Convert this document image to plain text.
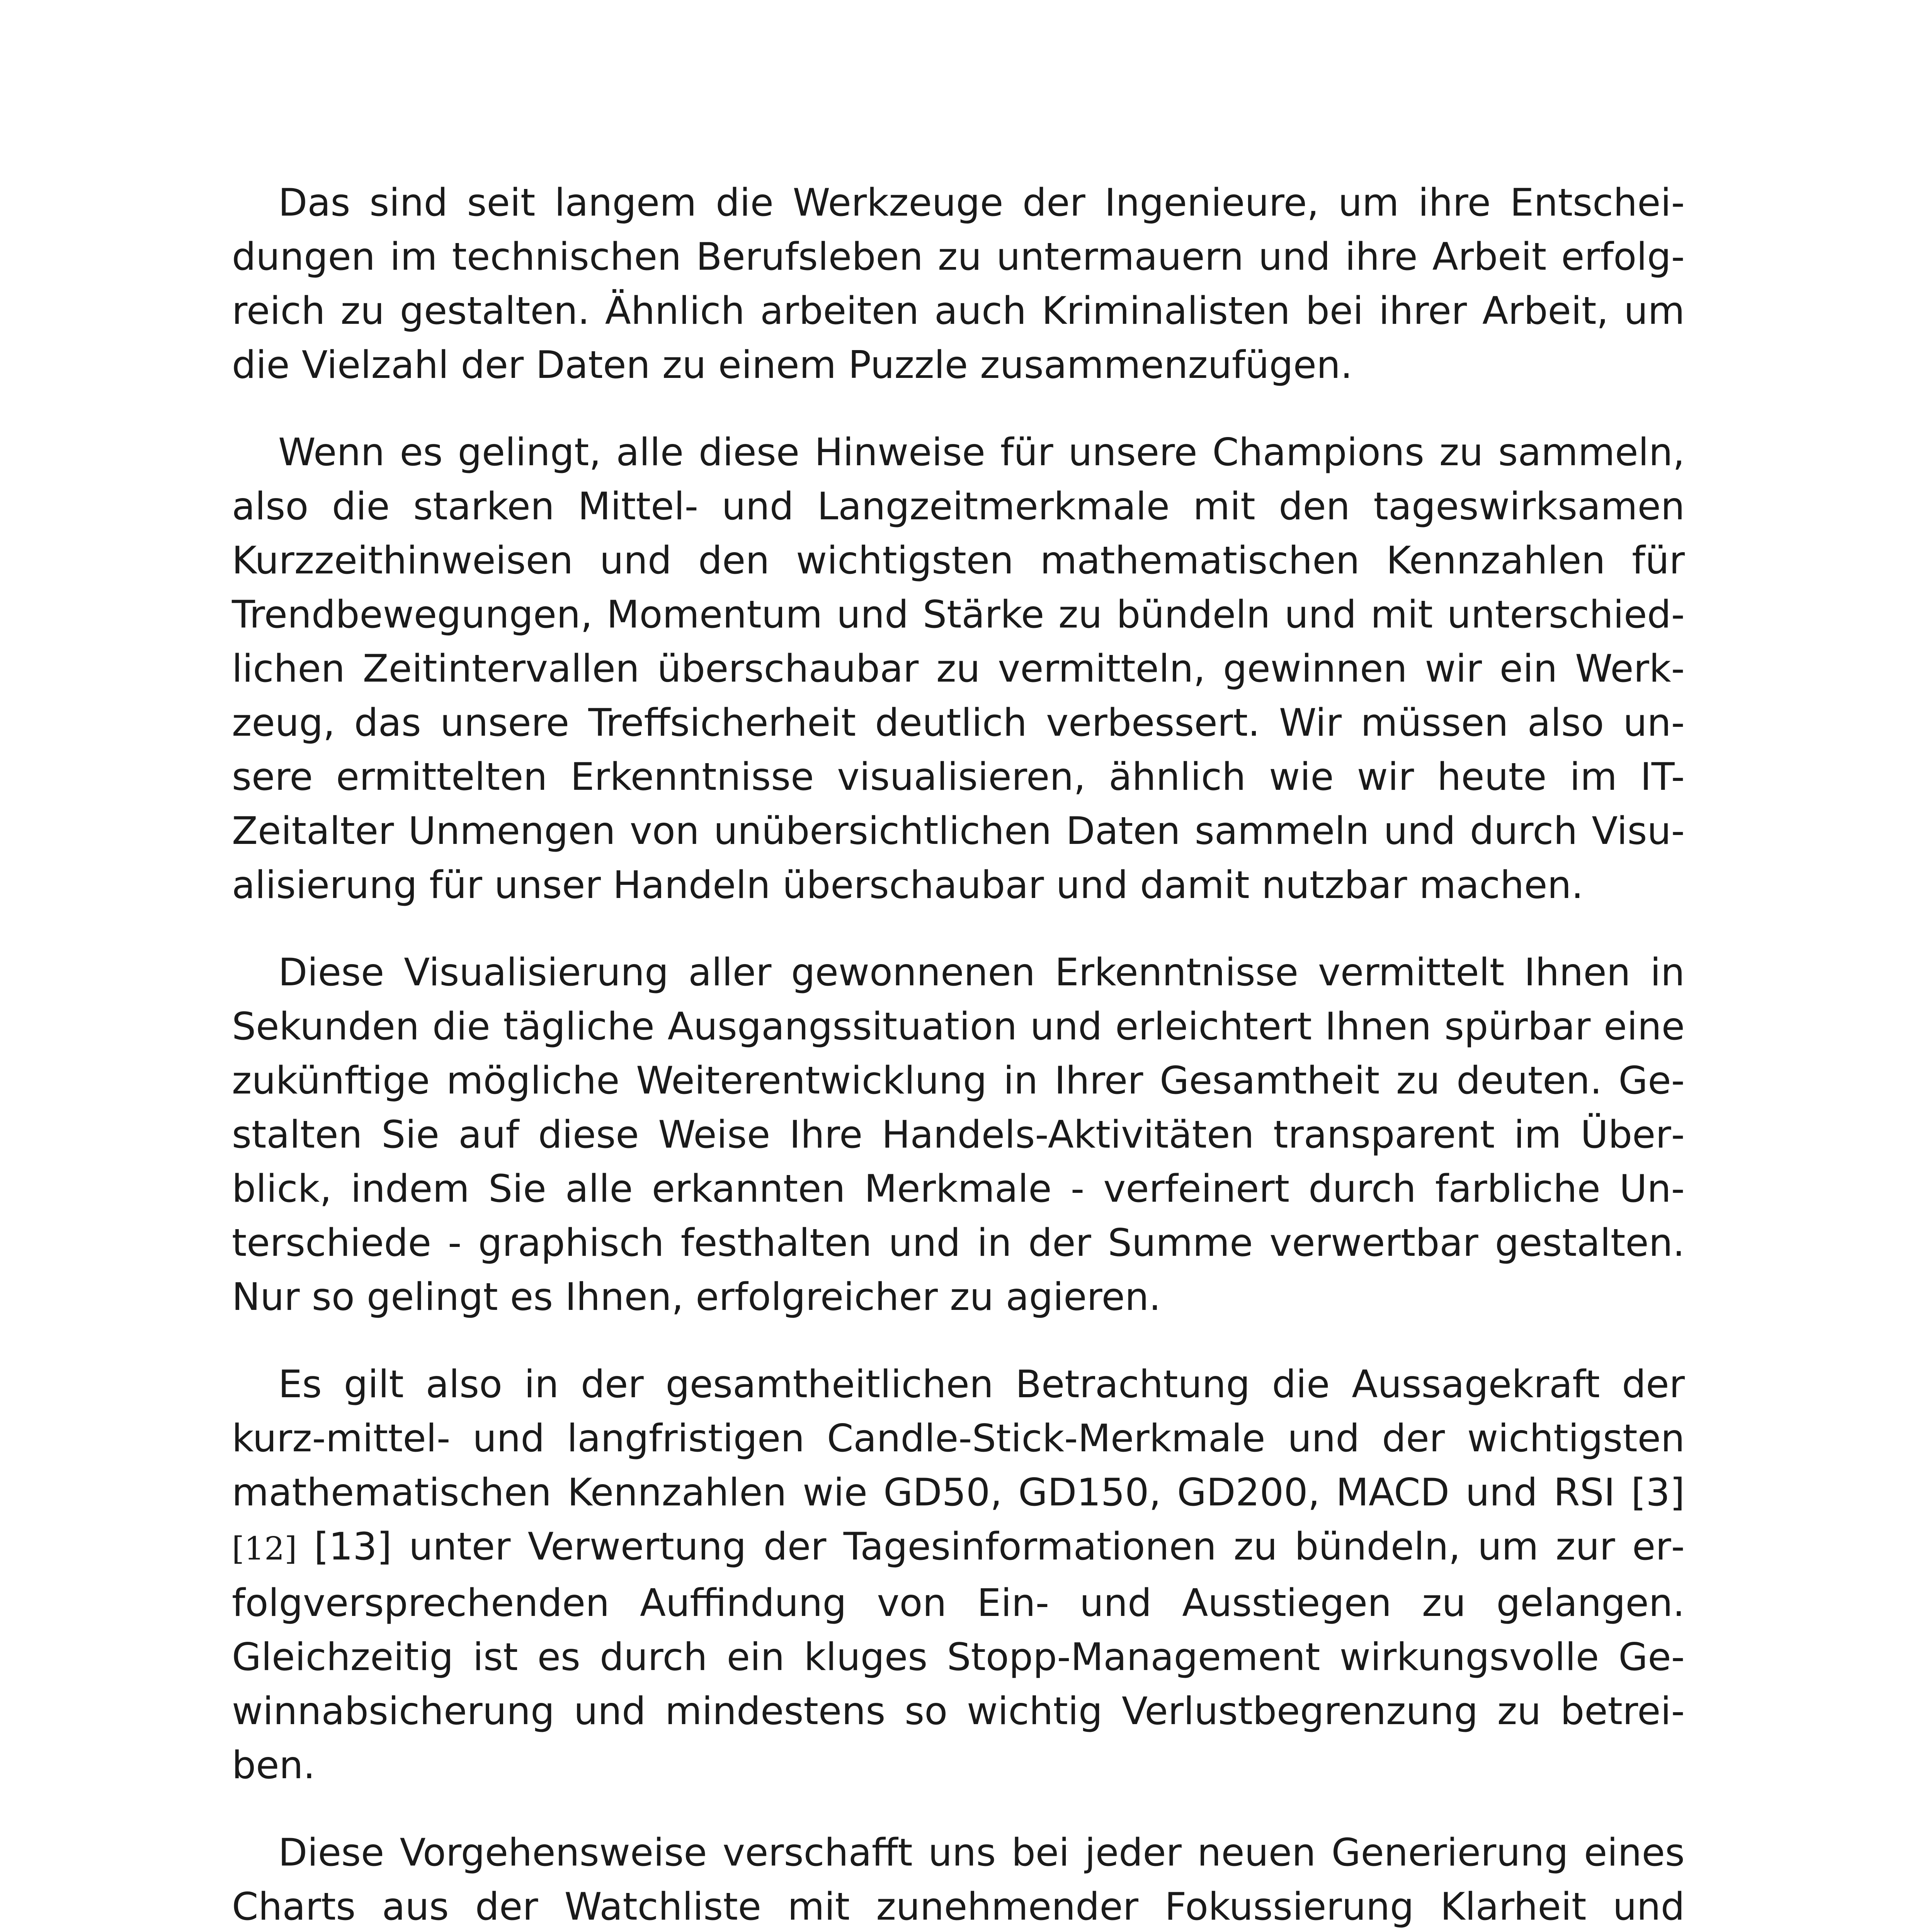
Das sind seit langem die Werkzeuge der Ingenieure, um ihre Entscheidungen im technischen Berufsleben zu untermauern und ihre Arbeit erfolgreich zu gestalten. Ähnlich arbeiten auch Kriminalisten bei ihrer Arbeit, um die Vielzahl der Daten zu einem Puzzle zusammenzufügen.

Wenn es gelingt, alle diese Hinweise für unsere Champions zu sammeln, also die starken Mittel- und Langzeitmerkmale mit den tageswirksamen Kurzzeithinweisen und den wichtigsten mathematischen Kennzahlen für Trendbewegungen, Momentum und Stärke zu bündeln und mit unterschiedlichen Zeitintervallen überschaubar zu vermitteln, gewinnen wir ein Werkzeug, das unsere Treffsicherheit deutlich verbessert. Wir müssen also unsere ermittelten Erkenntnisse visualisieren, ähnlich wie wir heute im IT-Zeitalter Unmengen von unübersichtlichen Daten sammeln und durch Visualisierung für unser Handeln überschaubar und damit nutzbar machen.

Diese Visualisierung aller gewonnenen Erkenntnisse vermittelt Ihnen in Sekunden die tägliche Ausgangssituation und erleichtert Ihnen spürbar eine zukünftige mögliche Weiterentwicklung in Ihrer Gesamtheit zu deuten. Gestalten Sie auf diese Weise Ihre Handels-Aktivitäten transparent im Überblick, indem Sie alle erkannten Merkmale - verfeinert durch farbliche Unterschiede - graphisch festhalten und in der Summe verwertbar gestalten. Nur so gelingt es Ihnen, erfolgreicher zu agieren.

Es gilt also in der gesamtheitlichen Betrachtung die Aussagekraft der kurz-mittel- und langfristigen Candle-Stick-Merkmale und der wichtigsten mathematischen Kennzahlen wie GD50, GD150, GD200, MACD und RSI [3] [12] [13] unter Verwertung der Tagesinformationen zu bündeln, um zur erfolgversprechenden Auffindung von Ein- und Ausstiegen zu gelangen. Gleichzeitig ist es durch ein kluges Stopp-Management wirkungsvolle Gewinnabsicherung und mindestens so wichtig Verlustbegrenzung zu betreiben.

Diese Vorgehensweise verschafft uns bei jeder neuen Generierung eines Charts aus der Watchliste mit zunehmender Fokussierung Klarheit und
